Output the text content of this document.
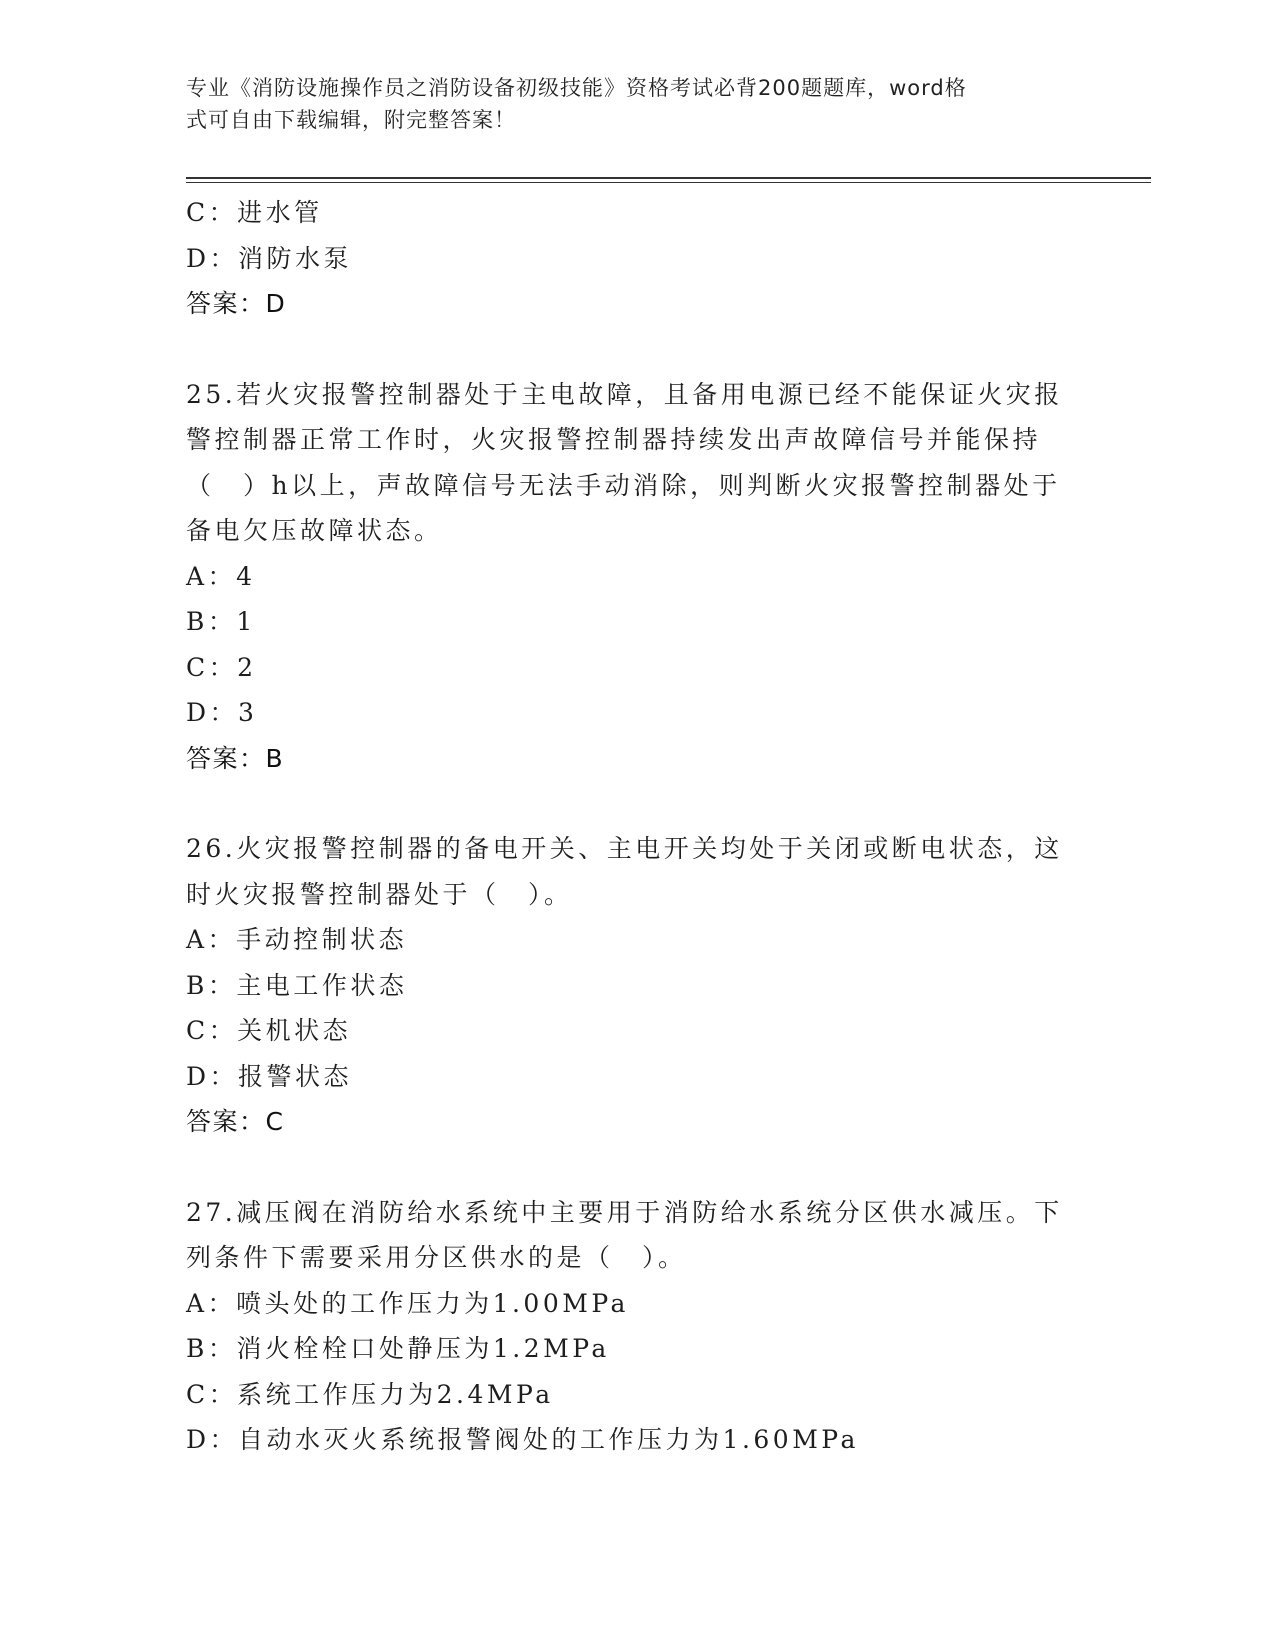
专业《消防设施操作员之消防设备初级技能》资格考试必背200题题库，word格
式可自由下载编辑，附完整答案！
C：进水管
D：消防水泵
答案：D
25.若火灾报警控制器处于主电故障，且备用电源已经不能保证火灾报
警控制器正常工作时，火灾报警控制器持续发出声故障信号并能保持
（　）h以上，声故障信号无法手动消除，则判断火灾报警控制器处于
备电欠压故障状态。
A：4
B：1
C：2
D：3
答案：B
26.火灾报警控制器的备电开关、主电开关均处于关闭或断电状态，这
时火灾报警控制器处于（　）。
A：手动控制状态
B：主电工作状态
C：关机状态
D：报警状态
答案：C
27.减压阀在消防给水系统中主要用于消防给水系统分区供水减压。下
列条件下需要采用分区供水的是（　）。
A：喷头处的工作压力为1.00MPa
B：消火栓栓口处静压为1.2MPa
C：系统工作压力为2.4MPa
D：自动水灭火系统报警阀处的工作压力为1.60MPa
